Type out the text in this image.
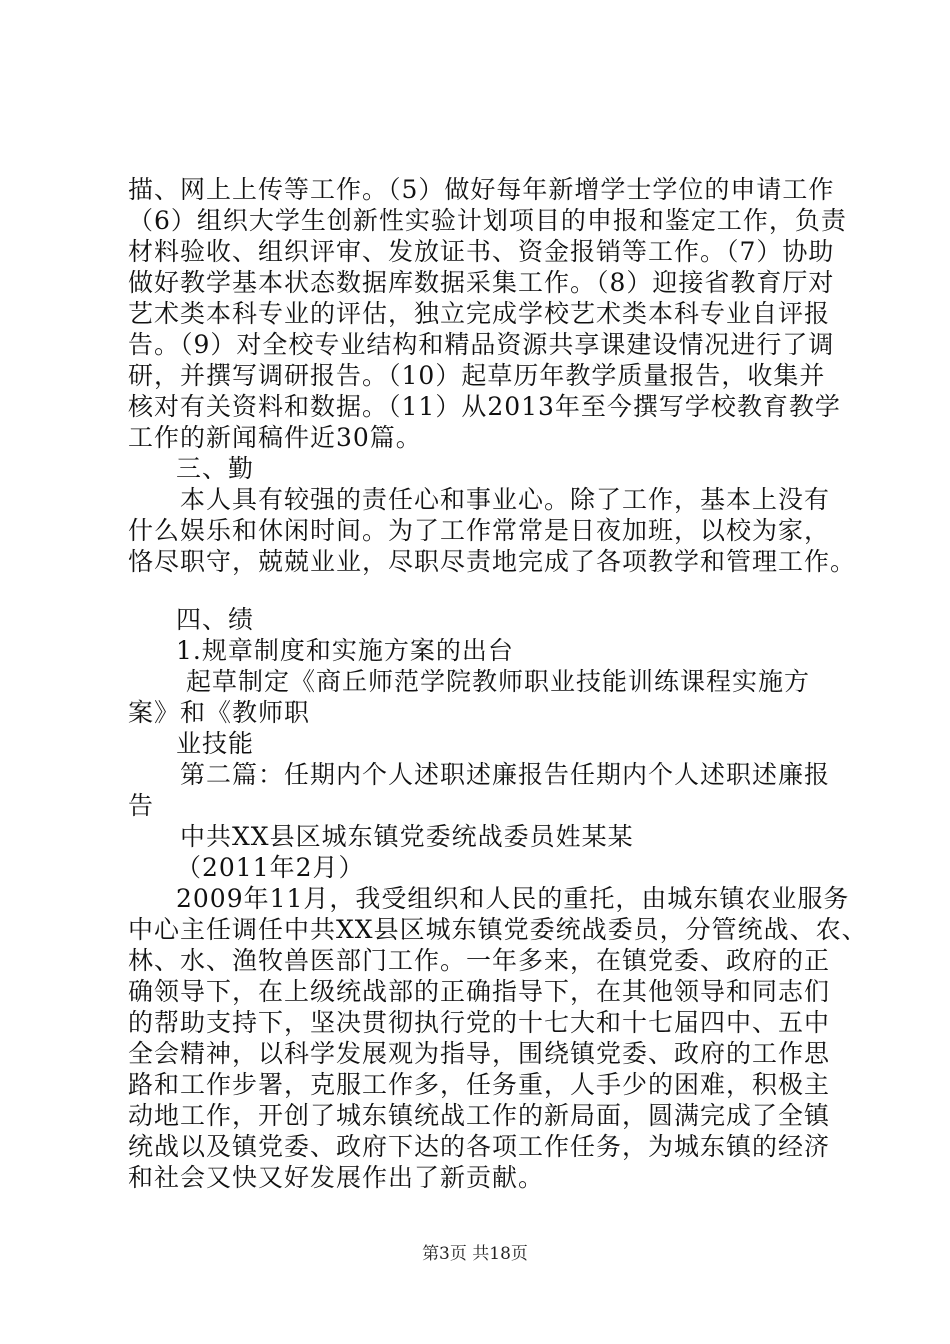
描、网上上传等工作。（5）做好每年新增学士学位的申请工作
（6）组织大学生创新性实验计划项目的申报和鉴定工作，负责
材料验收、组织评审、发放证书、资金报销等工作。（7）协助
做好教学基本状态数据库数据采集工作。（8）迎接省教育厅对
艺术类本科专业的评估，独立完成学校艺术类本科专业自评报
告。（9）对全校专业结构和精品资源共享课建设情况进行了调
研，并撰写调研报告。（10）起草历年教学质量报告，收集并
核对有关资料和数据。（11）从2013年至今撰写学校教育教学
工作的新闻稿件近30篇。
三、勤
本人具有较强的责任心和事业心。除了工作，基本上没有
什么娱乐和休闲时间。为了工作常常是日夜加班，以校为家，
恪尽职守，兢兢业业，尽职尽责地完成了各项教学和管理工作。
四、绩
1.规章制度和实施方案的出台
起草制定《商丘师范学院教师职业技能训练课程实施方
案》和《教师职
业技能
第二篇：任期内个人述职述廉报告任期内个人述职述廉报
告
中共XX县区城东镇党委统战委员姓某某
（2011年2月）
2009年11月，我受组织和人民的重托，由城东镇农业服务
中心主任调任中共XX县区城东镇党委统战委员，分管统战、农、
林、水、渔牧兽医部门工作。一年多来，在镇党委、政府的正
确领导下，在上级统战部的正确指导下，在其他领导和同志们
的帮助支持下，坚决贯彻执行党的十七大和十七届四中、五中
全会精神，以科学发展观为指导，围绕镇党委、政府的工作思
路和工作步署，克服工作多，任务重，人手少的困难，积极主
动地工作，开创了城东镇统战工作的新局面，圆满完成了全镇
统战以及镇党委、政府下达的各项工作任务，为城东镇的经济
和社会又快又好发展作出了新贡献。
第3页 共18页
